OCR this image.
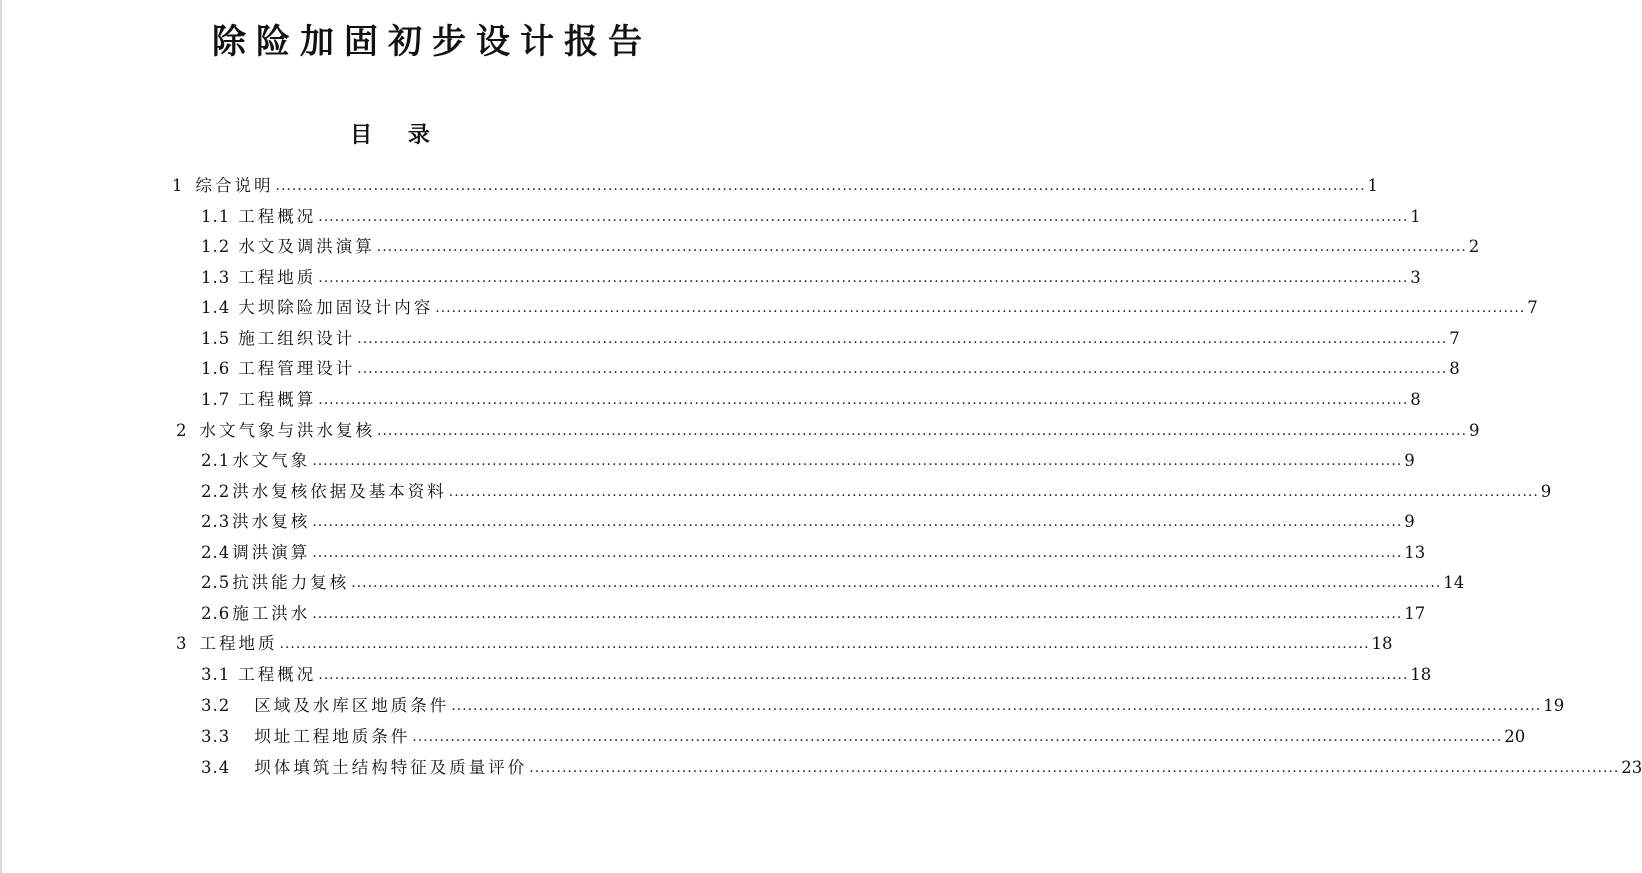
除险加固初步设计报告
目 录
1 综合说明 ........................................................................................................................................................................................................ 1
1.1 工程概况 ........................................................................................................................................................................................................ 1
1.2 水文及调洪演算 ........................................................................................................................................................................................................ 2
1.3 工程地质 ........................................................................................................................................................................................................ 3
1.4 大坝除险加固设计内容 ........................................................................................................................................................................................................ 7
1.5 施工组织设计 ........................................................................................................................................................................................................ 7
1.6 工程管理设计 ........................................................................................................................................................................................................ 8
1.7 工程概算 ........................................................................................................................................................................................................ 8
2 水文气象与洪水复核 ........................................................................................................................................................................................................ 9
2.1 水文气象 ........................................................................................................................................................................................................ 9
2.2 洪水复核依据及基本资料 ........................................................................................................................................................................................................ 9
2.3 洪水复核 ........................................................................................................................................................................................................ 9
2.4 调洪演算 ........................................................................................................................................................................................................ 13
2.5 抗洪能力复核 ........................................................................................................................................................................................................ 14
2.6 施工洪水 ........................................................................................................................................................................................................ 17
3 工程地质 ........................................................................................................................................................................................................ 18
3.1 工程概况 ........................................................................................................................................................................................................ 18
3.2 区域及水库区地质条件 ........................................................................................................................................................................................................ 19
3.3 坝址工程地质条件 ........................................................................................................................................................................................................ 20
3.4 坝体填筑土结构特征及质量评价 ........................................................................................................................................................................................................ 23
